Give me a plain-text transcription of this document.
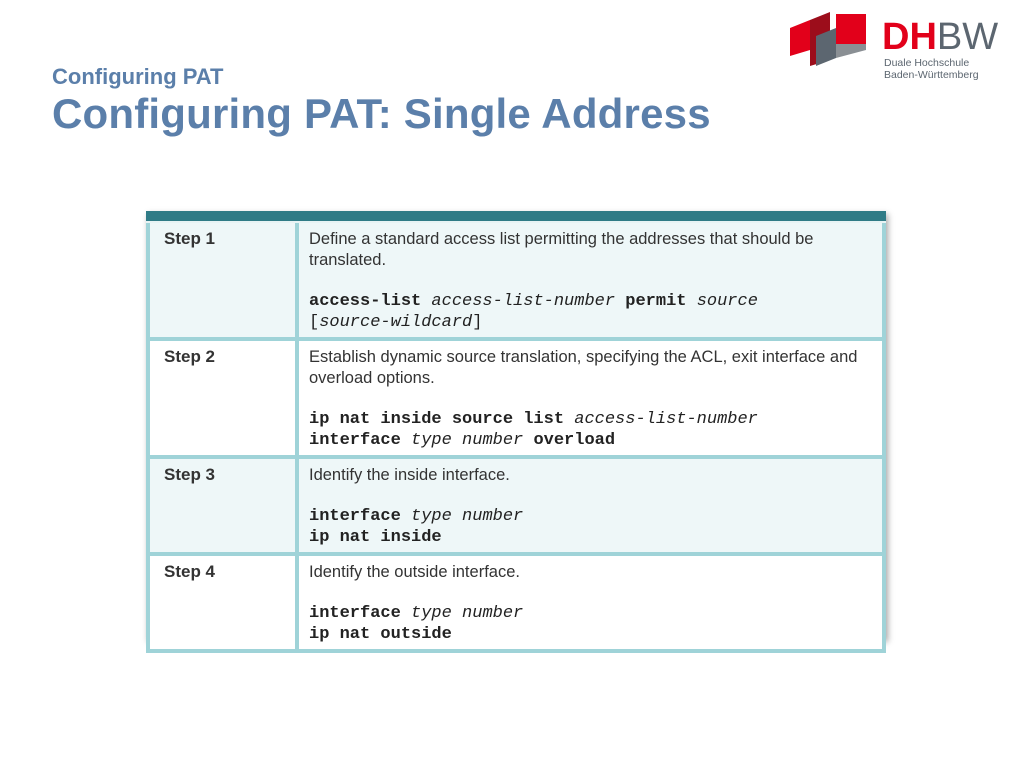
Configuring PAT
Configuring PAT: Single Address
DHBW
Duale Hochschule
Baden-Württemberg
Step 1	Define a standard access list permitting the addresses that should be translated.
access-list access-list-number permit source
[source-wildcard]

Step 2	Establish dynamic source translation, specifying the ACL, exit interface and overload options.
ip nat inside source list access-list-number
interface type number overload

Step 3	Identify the inside interface.
interface type number
ip nat inside

Step 4	Identify the outside interface.
interface type number
ip nat outside
